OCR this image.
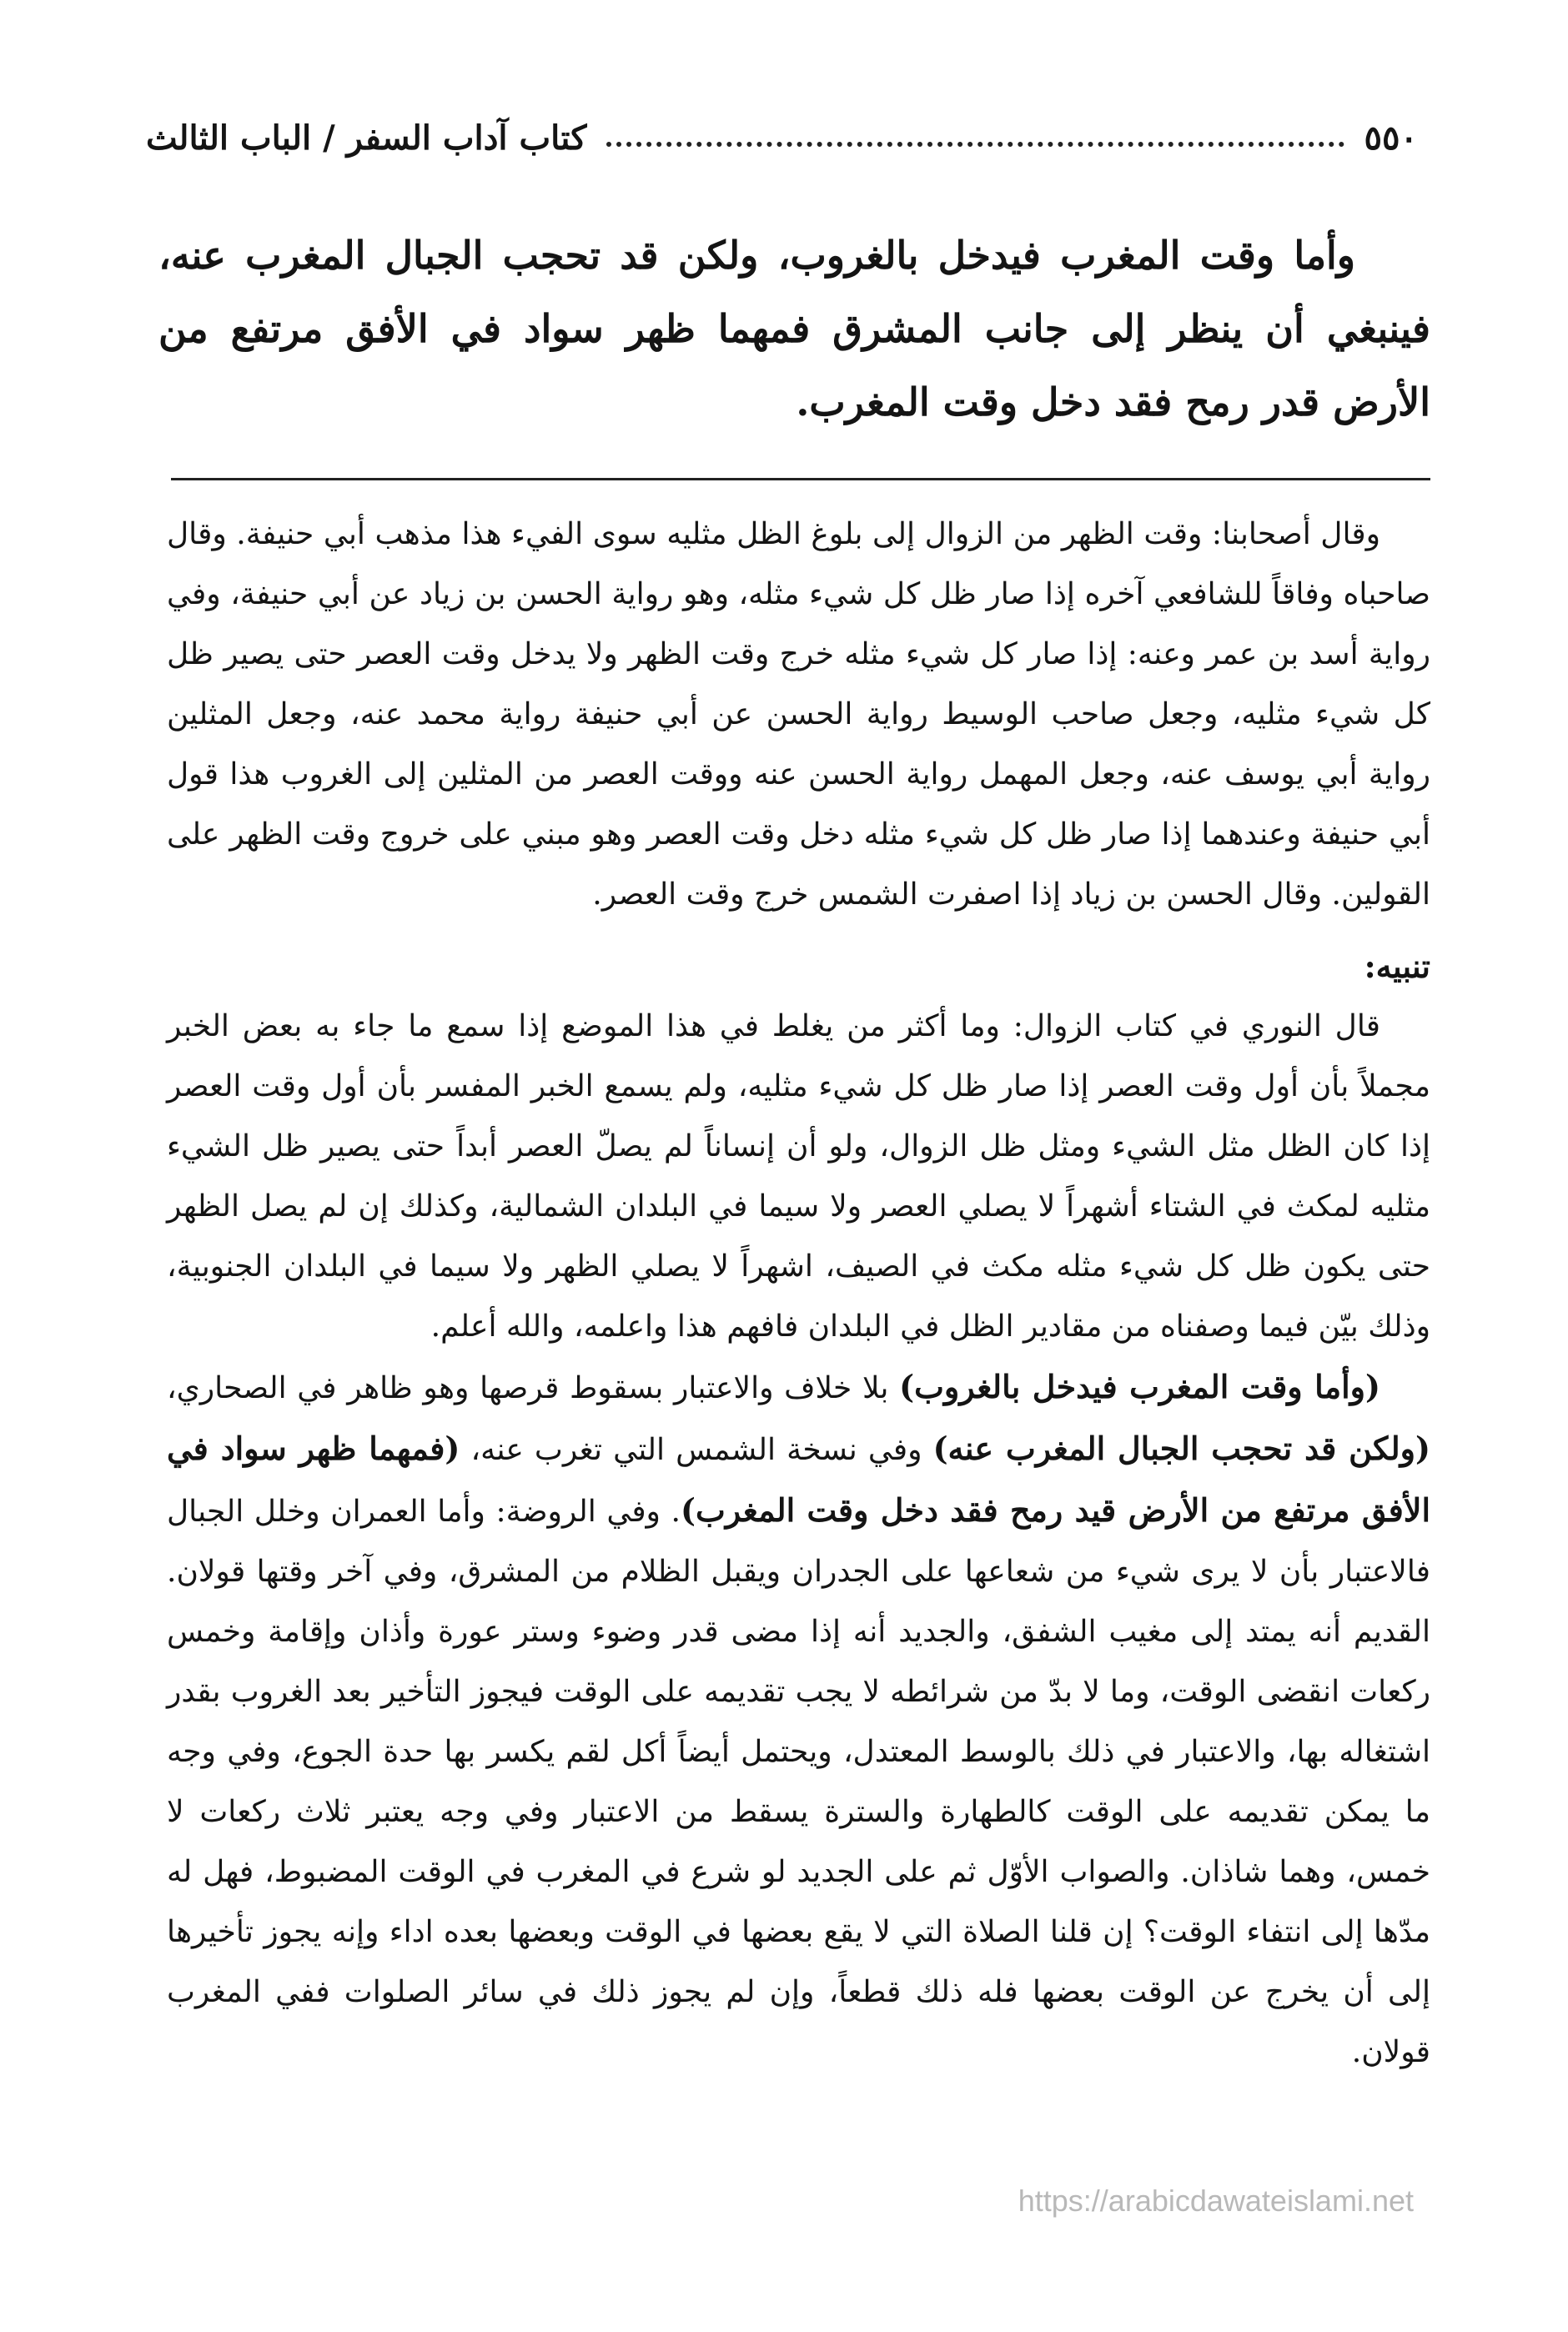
٥٥٠
كتاب آداب السفر / الباب الثالث

وأما وقت المغرب فيدخل بالغروب، ولكن قد تحجب الجبال المغرب عنه، فينبغي أن ينظر إلى جانب المشرق فمهما ظهر سواد في الأفق مرتفع من الأرض قدر رمح فقد دخل وقت المغرب.

وقال أصحابنا: وقت الظهر من الزوال إلى بلوغ الظل مثليه سوى الفيء هذا مذهب أبي حنيفة. وقال صاحباه وفاقاً للشافعي آخره إذا صار ظل كل شيء مثله، وهو رواية الحسن بن زياد عن أبي حنيفة، وفي رواية أسد بن عمر وعنه: إذا صار كل شيء مثله خرج وقت الظهر ولا يدخل وقت العصر حتى يصير ظل كل شيء مثليه، وجعل صاحب الوسيط رواية الحسن عن أبي حنيفة رواية محمد عنه، وجعل المثلين رواية أبي يوسف عنه، وجعل المهمل رواية الحسن عنه ووقت العصر من المثلين إلى الغروب هذا قول أبي حنيفة وعندهما إذا صار ظل كل شيء مثله دخل وقت العصر وهو مبني على خروج وقت الظهر على القولين. وقال الحسن بن زياد إذا اصفرت الشمس خرج وقت العصر.

تنبيه:

قال النوري في كتاب الزوال: وما أكثر من يغلط في هذا الموضع إذا سمع ما جاء به بعض الخبر مجملاً بأن أول وقت العصر إذا صار ظل كل شيء مثليه، ولم يسمع الخبر المفسر بأن أول وقت العصر إذا كان الظل مثل الشيء ومثل ظل الزوال، ولو أن إنساناً لم يصلّ العصر أبداً حتى يصير ظل الشيء مثليه لمكث في الشتاء أشهراً لا يصلي العصر ولا سيما في البلدان الشمالية، وكذلك إن لم يصل الظهر حتى يكون ظل كل شيء مثله مكث في الصيف، اشهراً لا يصلي الظهر ولا سيما في البلدان الجنوبية، وذلك بيّن فيما وصفناه من مقادير الظل في البلدان فافهم هذا واعلمه، والله أعلم.

(وأما وقت المغرب فيدخل بالغروب) بلا خلاف والاعتبار بسقوط قرصها وهو ظاهر في الصحاري، (ولكن قد تحجب الجبال المغرب عنه) وفي نسخة الشمس التي تغرب عنه، (فمهما ظهر سواد في الأفق مرتفع من الأرض قيد رمح فقد دخل وقت المغرب). وفي الروضة: وأما العمران وخلل الجبال فالاعتبار بأن لا يرى شيء من شعاعها على الجدران ويقبل الظلام من المشرق، وفي آخر وقتها قولان. القديم أنه يمتد إلى مغيب الشفق، والجديد أنه إذا مضى قدر وضوء وستر عورة وأذان وإقامة وخمس ركعات انقضى الوقت، وما لا بدّ من شرائطه لا يجب تقديمه على الوقت فيجوز التأخير بعد الغروب بقدر اشتغاله بها، والاعتبار في ذلك بالوسط المعتدل، ويحتمل أيضاً أكل لقم يكسر بها حدة الجوع، وفي وجه ما يمكن تقديمه على الوقت كالطهارة والسترة يسقط من الاعتبار وفي وجه يعتبر ثلاث ركعات لا خمس، وهما شاذان. والصواب الأوّل ثم على الجديد لو شرع في المغرب في الوقت المضبوط، فهل له مدّها إلى انتفاء الوقت؟ إن قلنا الصلاة التي لا يقع بعضها في الوقت وبعضها بعده اداء وإنه يجوز تأخيرها إلى أن يخرج عن الوقت بعضها فله ذلك قطعاً، وإن لم يجوز ذلك في سائر الصلوات ففي المغرب قولان.

https://arabicdawateislami.net
